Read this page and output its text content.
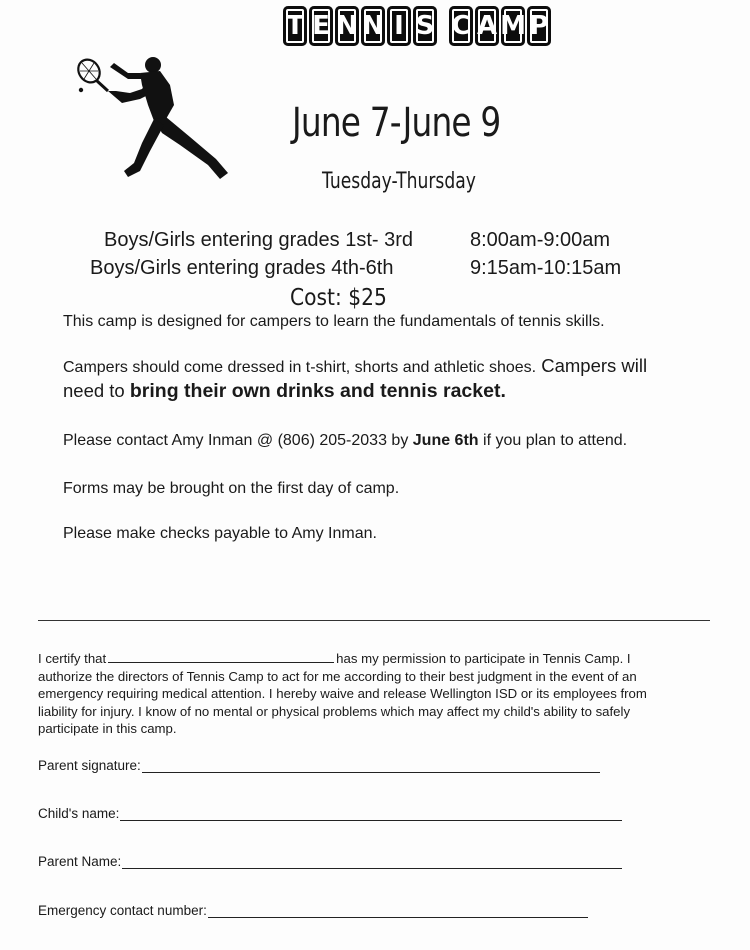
T E N N I S C A M P
June 7-June 9
Tuesday-Thursday
Boys/Girls entering grades 1st- 3rd	8:00am-9:00am
Boys/Girls entering grades 4th-6th	9:15am-10:15am
Cost: $25
This camp is designed for campers to learn the fundamentals of tennis skills.
Campers should come dressed in t-shirt, shorts and athletic shoes. Campers will
need to bring their own drinks and tennis racket.
Please contact Amy Inman @ (806) 205-2033 by June 6th if you plan to attend.
Forms may be brought on the first day of camp.
Please make checks payable to Amy Inman.
I certify that	has my permission to participate in Tennis Camp. I
authorize the directors of Tennis Camp to act for me according to their best judgment in the event of an
emergency requiring medical attention. I hereby waive and release Wellington ISD or its employees from
liability for injury. I know of no mental or physical problems which may affect my child's ability to safely
participate in this camp.
Parent signature:
Child's name:
Parent Name:
Emergency contact number:
